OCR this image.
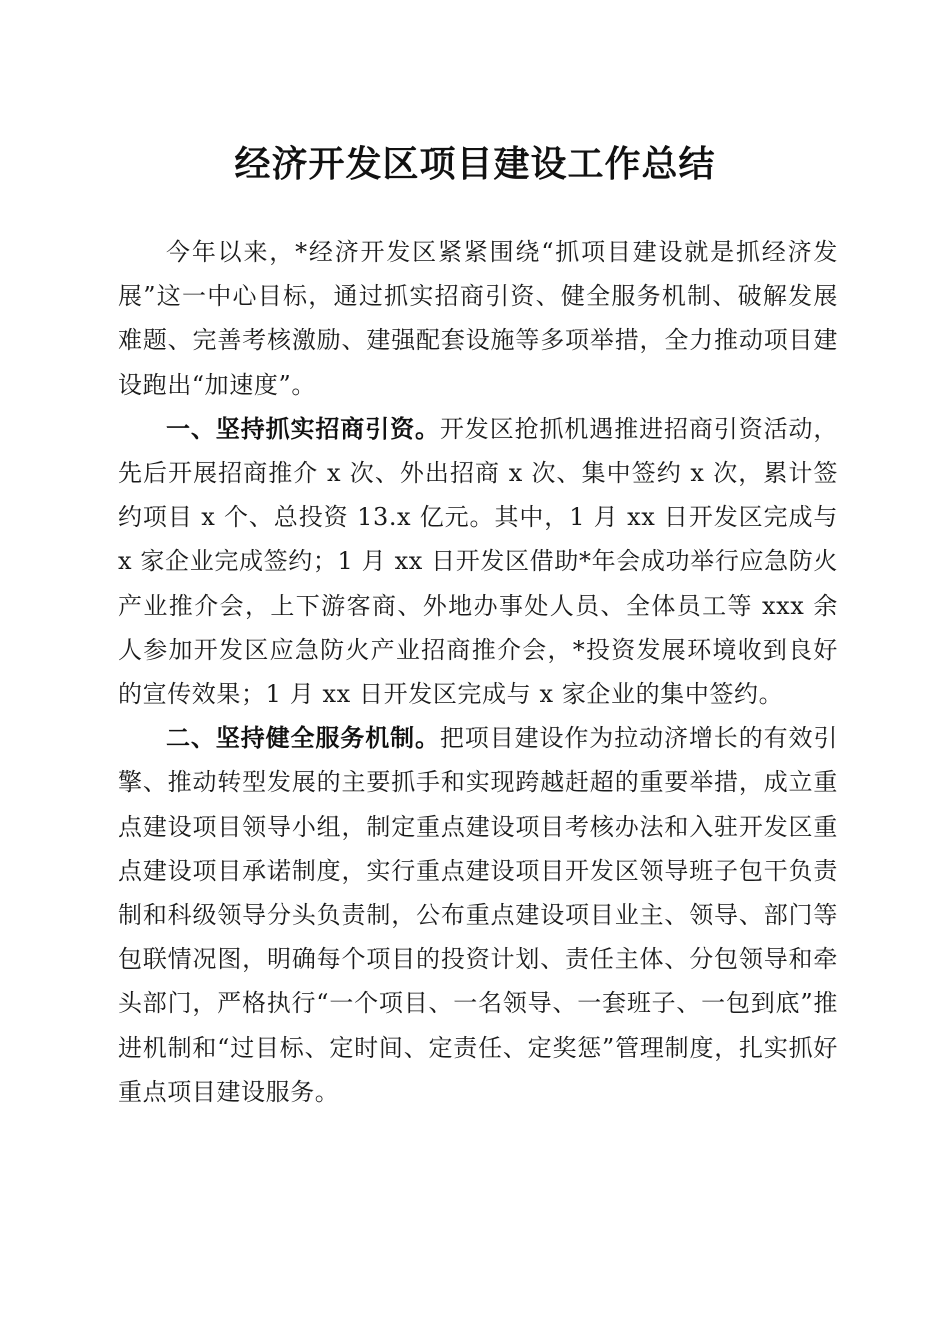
经济开发区项目建设工作总结

今年以来，*经济开发区紧紧围绕“抓项目建设就是抓经济发展”这一中心目标，通过抓实招商引资、健全服务机制、破解发展难题、完善考核激励、建强配套设施等多项举措，全力推动项目建设跑出“加速度”。

一、坚持抓实招商引资。开发区抢抓机遇推进招商引资活动，先后开展招商推介 x 次、外出招商 x 次、集中签约 x 次，累计签约项目 x 个、总投资 13.x 亿元。其中，1 月 xx 日开发区完成与 x 家企业完成签约；1 月 xx 日开发区借助*年会成功举行应急防火产业推介会，上下游客商、外地办事处人员、全体员工等 xxx 余人参加开发区应急防火产业招商推介会，*投资发展环境收到良好的宣传效果；1 月 xx 日开发区完成与 x 家企业的集中签约。

二、坚持健全服务机制。把项目建设作为拉动济增长的有效引擎、推动转型发展的主要抓手和实现跨越赶超的重要举措，成立重点建设项目领导小组，制定重点建设项目考核办法和入驻开发区重点建设项目承诺制度，实行重点建设项目开发区领导班子包干负责制和科级领导分头负责制，公布重点建设项目业主、领导、部门等包联情况图，明确每个项目的投资计划、责任主体、分包领导和牵头部门，严格执行“一个项目、一名领导、一套班子、一包到底”推进机制和“过目标、定时间、定责任、定奖惩”管理制度，扎实抓好重点项目建设服务。
